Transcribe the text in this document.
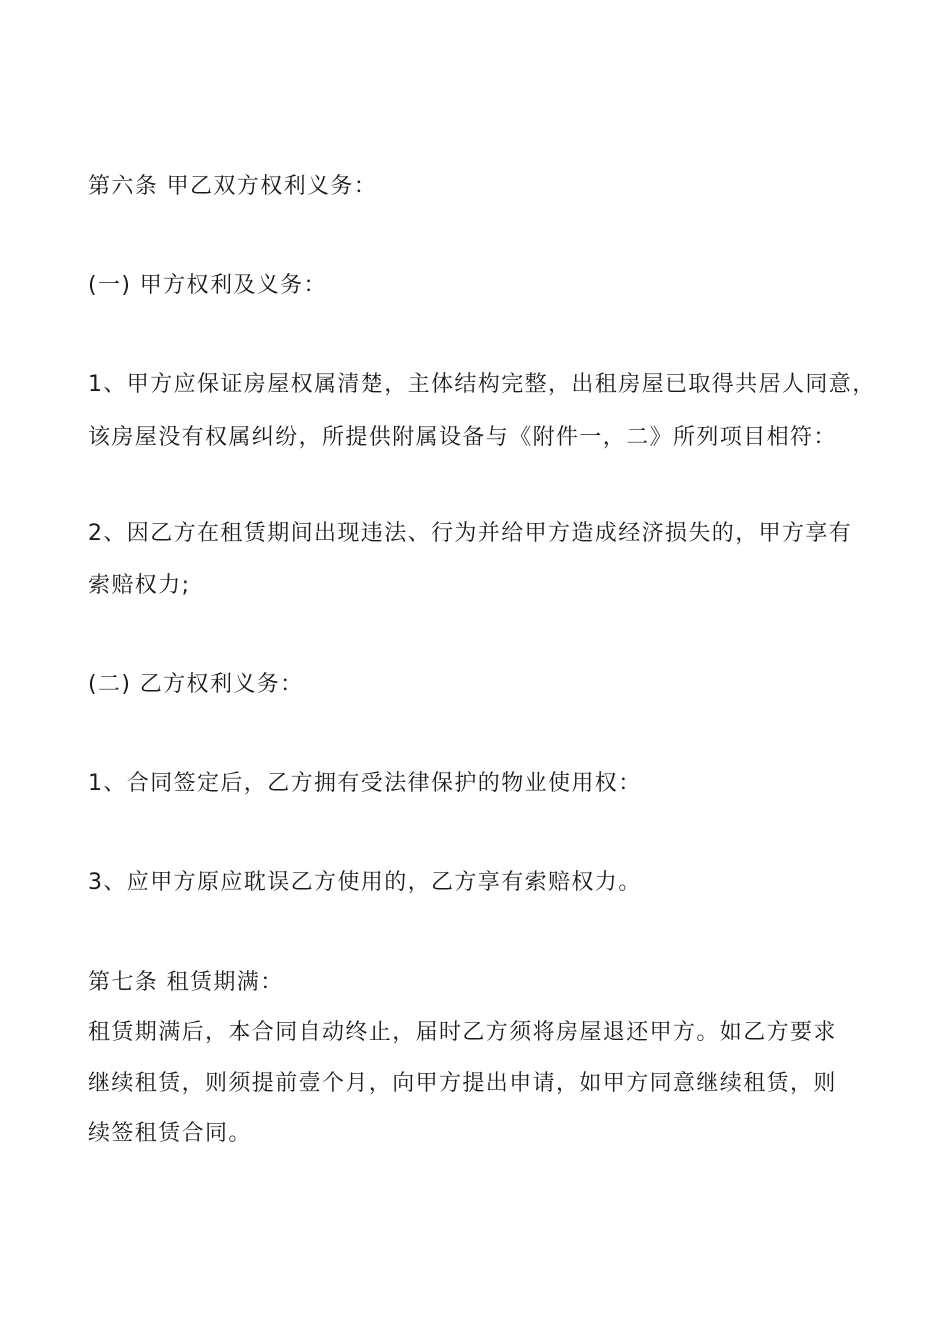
第六条 甲乙双方权利义务：
(一) 甲方权利及义务：
1、甲方应保证房屋权属清楚，主体结构完整，出租房屋已取得共居人同意，
该房屋没有权属纠纷，所提供附属设备与《附件一，二》所列项目相符：
2、因乙方在租赁期间出现违法、行为并给甲方造成经济损失的，甲方享有
索赔权力;
(二) 乙方权利义务：
1、合同签定后，乙方拥有受法律保护的物业使用权：
3、应甲方原应耽误乙方使用的，乙方享有索赔权力。
第七条 租赁期满：
租赁期满后，本合同自动终止，届时乙方须将房屋退还甲方。如乙方要求
继续租赁，则须提前壹个月，向甲方提出申请，如甲方同意继续租赁，则
续签租赁合同。
